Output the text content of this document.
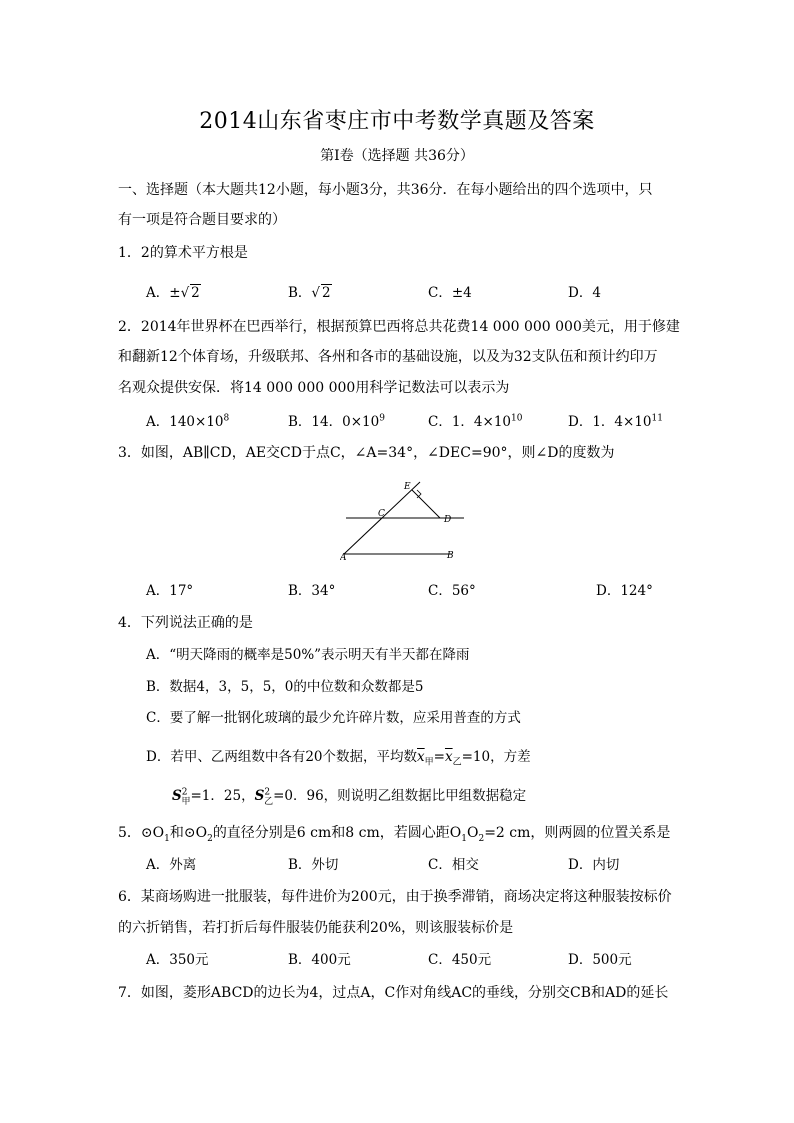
2014山东省枣庄市中考数学真题及答案
第Ⅰ卷（选择题 共36分）
一、选择题（本大题共12小题，每小题3分，共36分．在每小题给出的四个选项中，只
有一项是符合题目要求的）
1．2的算术平方根是
A．±√ 2	B．√ 2	C．±4	D．4
2．2014年世界杯在巴西举行，根据预算巴西将总共花费14 000 000 000美元，用于修建
和翻新12个体育场，升级联邦、各州和各市的基础设施，以及为32支队伍和预计约印万
名观众提供安保．将14 000 000 000用科学记数法可以表示为
A．$140\times 10^8$	B．14．$0\times 10^9$	C．1．$4\times 10^{10}$	D．1．$4\times 10^{11}$
3．如图，AB∥CD，AE交CD于点C，∠A=34°，∠DEC=90°，则∠D的度数为
E
C
D
A	B
A．17°	B．34°	C．56°	D．124°
4．下列说法正确的是
A．“明天降雨的概率是50%”表示明天有半天都在降雨
B．数据4，3，5，5，0的中位数和众数都是5
C．要了解一批钢化玻璃的最少允许碎片数，应采用普查的方式
D．若甲、乙两组数中各有20个数据，平均数$\overline{x}_甲=\overline{x}_乙=10$，方差
$S^2_甲=1$．25，$S^2_乙=0$．96，则说明乙组数据比甲组数据稳定
5．$⊙O_1$和$⊙O_2$的直径分别是6 cm和8 cm，若圆心距$O_1O_2=2$ cm，则两圆的位置关系是
A．外离	B．外切	C．相交	D．内切
6．某商场购进一批服装，每件进价为200元，由于换季滞销，商场决定将这种服装按标价
的六折销售，若打折后每件服装仍能获利20%，则该服装标价是
A．350元	B．400元	C．450元	D．500元
7．如图，菱形ABCD的边长为4，过点A，C作对角线AC的垂线，分别交CB和AD的延长
